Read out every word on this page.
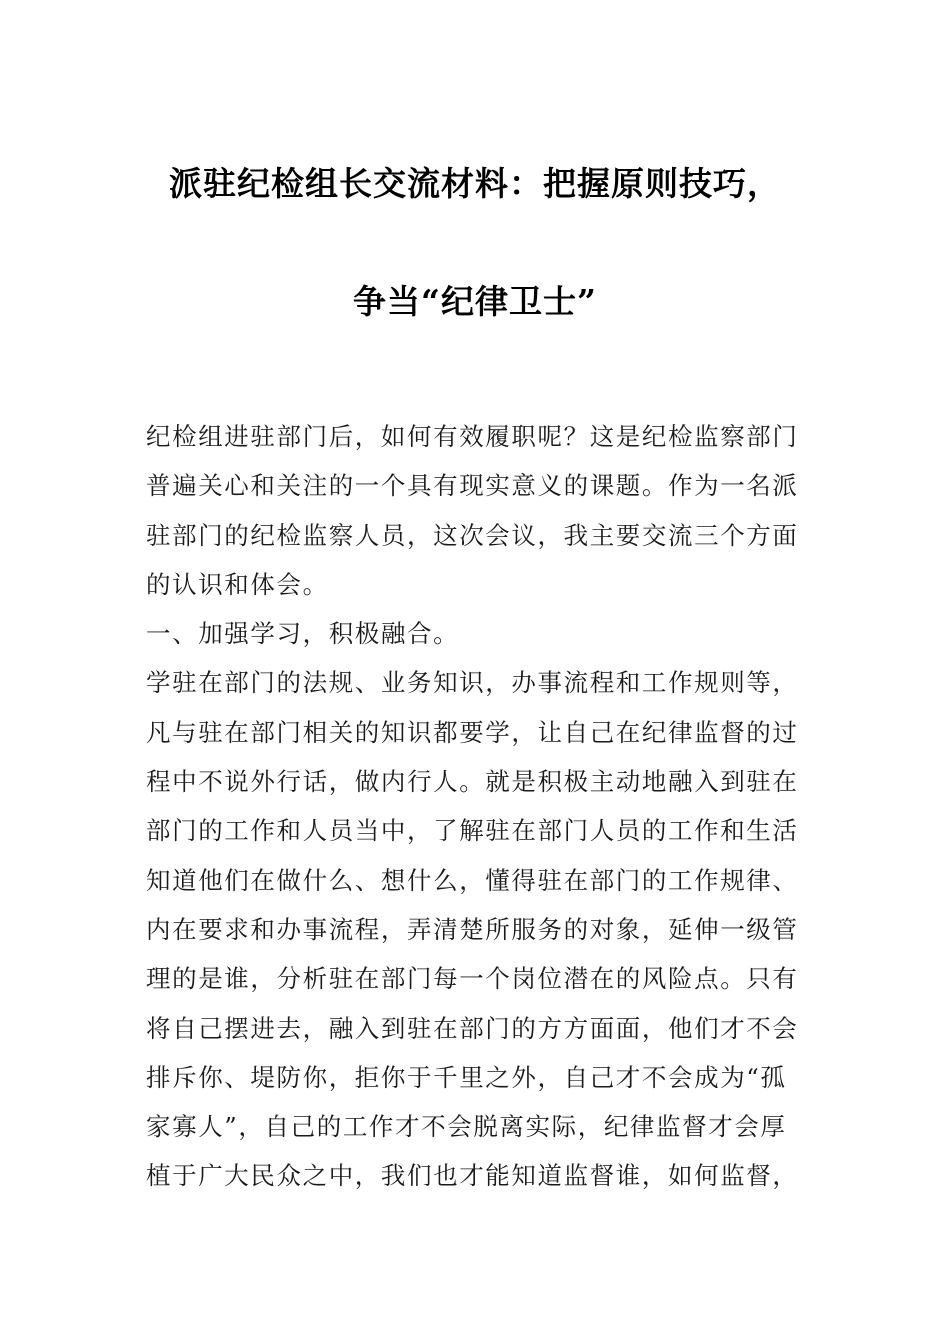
派驻纪检组长交流材料：把握原则技巧，
争当“纪律卫士”
纪检组进驻部门后，如何有效履职呢？这是纪检监察部门
普遍关心和关注的一个具有现实意义的课题。作为一名派
驻部门的纪检监察人员，这次会议，我主要交流三个方面
的认识和体会。
一、加强学习，积极融合。
学驻在部门的法规、业务知识，办事流程和工作规则等，
凡与驻在部门相关的知识都要学，让自己在纪律监督的过
程中不说外行话，做内行人。就是积极主动地融入到驻在
部门的工作和人员当中，了解驻在部门人员的工作和生活
知道他们在做什么、想什么，懂得驻在部门的工作规律、
内在要求和办事流程，弄清楚所服务的对象，延伸一级管
理的是谁，分析驻在部门每一个岗位潜在的风险点。只有
将自己摆进去，融入到驻在部门的方方面面，他们才不会
排斥你、堤防你，拒你于千里之外，自己才不会成为“孤
家寡人”，自己的工作才不会脱离实际，纪律监督才会厚
植于广大民众之中，我们也才能知道监督谁，如何监督，
